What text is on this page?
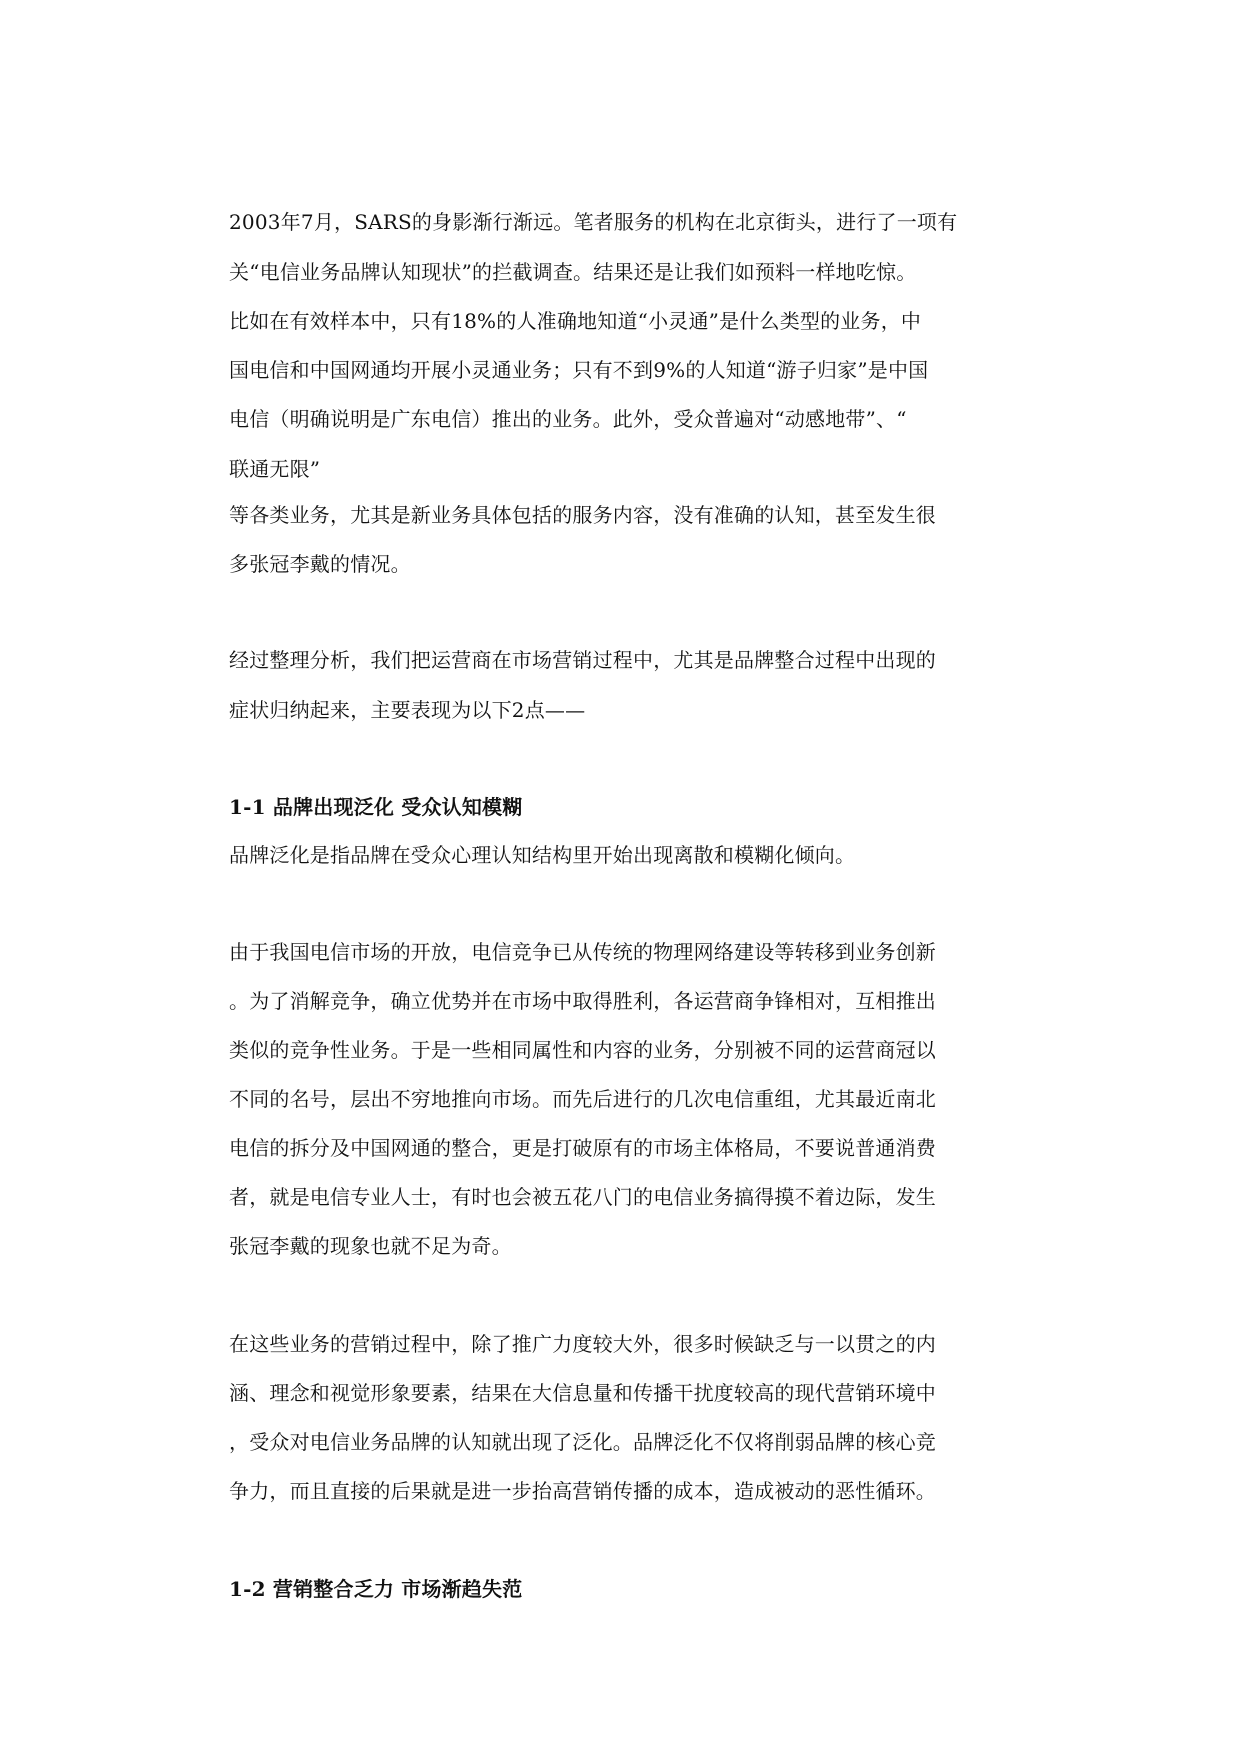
2003年7月，SARS的身影渐行渐远。笔者服务的机构在北京街头，进行了一项有

关“电信业务品牌认知现状”的拦截调查。结果还是让我们如预料一样地吃惊。

比如在有效样本中，只有18%的人准确地知道“小灵通”是什么类型的业务，中

国电信和中国网通均开展小灵通业务；只有不到9%的人知道“游子归家”是中国

电信（明确说明是广东电信）推出的业务。此外，受众普遍对“动感地带”、“

联通无限”

等各类业务，尤其是新业务具体包括的服务内容，没有准确的认知，甚至发生很

多张冠李戴的情况。

经过整理分析，我们把运营商在市场营销过程中，尤其是品牌整合过程中出现的

症状归纳起来，主要表现为以下2点——

1-1 品牌出现泛化 受众认知模糊

品牌泛化是指品牌在受众心理认知结构里开始出现离散和模糊化倾向。

由于我国电信市场的开放，电信竞争已从传统的物理网络建设等转移到业务创新

。为了消解竞争，确立优势并在市场中取得胜利，各运营商争锋相对，互相推出

类似的竞争性业务。于是一些相同属性和内容的业务，分别被不同的运营商冠以

不同的名号，层出不穷地推向市场。而先后进行的几次电信重组，尤其最近南北

电信的拆分及中国网通的整合，更是打破原有的市场主体格局，不要说普通消费

者，就是电信专业人士，有时也会被五花八门的电信业务搞得摸不着边际，发生

张冠李戴的现象也就不足为奇。

在这些业务的营销过程中，除了推广力度较大外，很多时候缺乏与一以贯之的内

涵、理念和视觉形象要素，结果在大信息量和传播干扰度较高的现代营销环境中

，受众对电信业务品牌的认知就出现了泛化。品牌泛化不仅将削弱品牌的核心竞

争力，而且直接的后果就是进一步抬高营销传播的成本，造成被动的恶性循环。

1-2 营销整合乏力 市场渐趋失范
